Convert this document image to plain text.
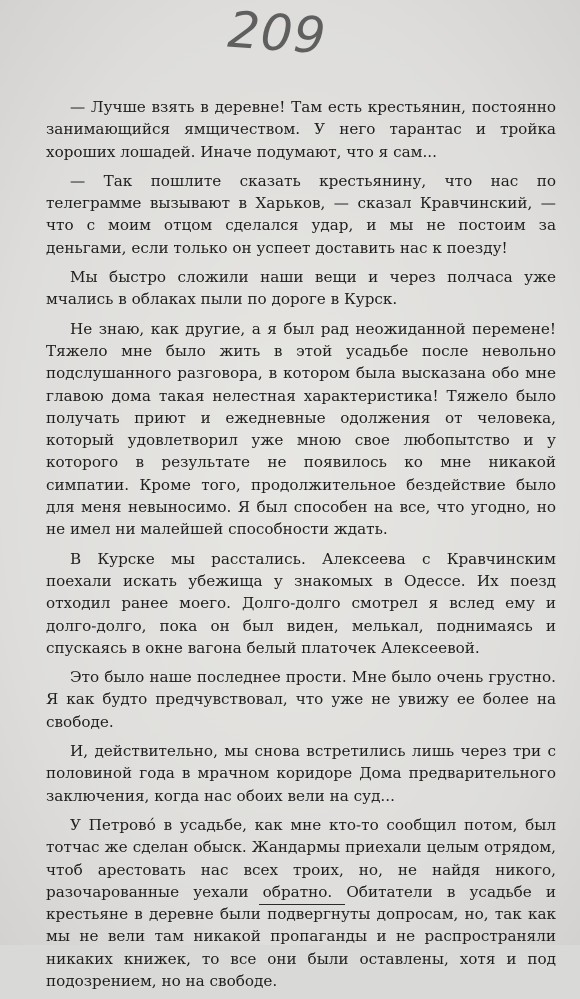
209

— Лучше взять в деревне! Там есть крестьянин, постоянно занимающийся ямщичеством. У него тарантас и тройка хороших лошадей. Иначе подумают, что я сам...

— Так пошлите сказать крестьянину, что нас по телеграмме вызывают в Харьков, — сказал Кравчинский, — что с моим отцом сделался удар, и мы не постоим за деньгами, если только он успеет доставить нас к поезду!

Мы быстро сложили наши вещи и через полчаса уже мчались в облаках пыли по дороге в Курск.

Не знаю, как другие, а я был рад неожиданной перемене! Тяжело мне было жить в этой усадьбе после невольно подслушанного разговора, в котором была высказана обо мне главою дома такая нелестная характеристика! Тяжело было получать приют и ежедневные одолжения от человека, который удовлетворил уже мною свое любопытство и у которого в результате не появилось ко мне никакой симпатии. Кроме того, продолжительное бездействие было для меня невыносимо. Я был способен на все, что угодно, но не имел ни малейшей способности ждать.

В Курске мы расстались. Алексеева с Кравчинским поехали искать убежища у знакомых в Одессе. Их поезд отходил ранее моего. Долго-долго смотрел я вслед ему и долго-долго, пока он был виден, мелькал, поднимаясь и спускаясь в окне вагона белый платочек Алексеевой.

Это было наше последнее прости. Мне было очень грустно. Я как будто предчувствовал, что уже не увижу ее более на свободе.

И, действительно, мы снова встретились лишь через три с половиной года в мрачном коридоре Дома предварительного заключения, когда нас обоих вели на суд...

У Петрово́ в усадьбе, как мне кто-то сообщил потом, был тотчас же сделан обыск. Жандармы приехали целым отрядом, чтоб арестовать нас всех троих, но, не найдя никого, разочарованные уехали обратно. Обитатели в усадьбе и крестьяне в деревне были подвергнуты допросам, но, так как мы не вели там никакой пропаганды и не распространяли никаких книжек, то все они были оставлены, хотя и под подозрением, но на свободе.
